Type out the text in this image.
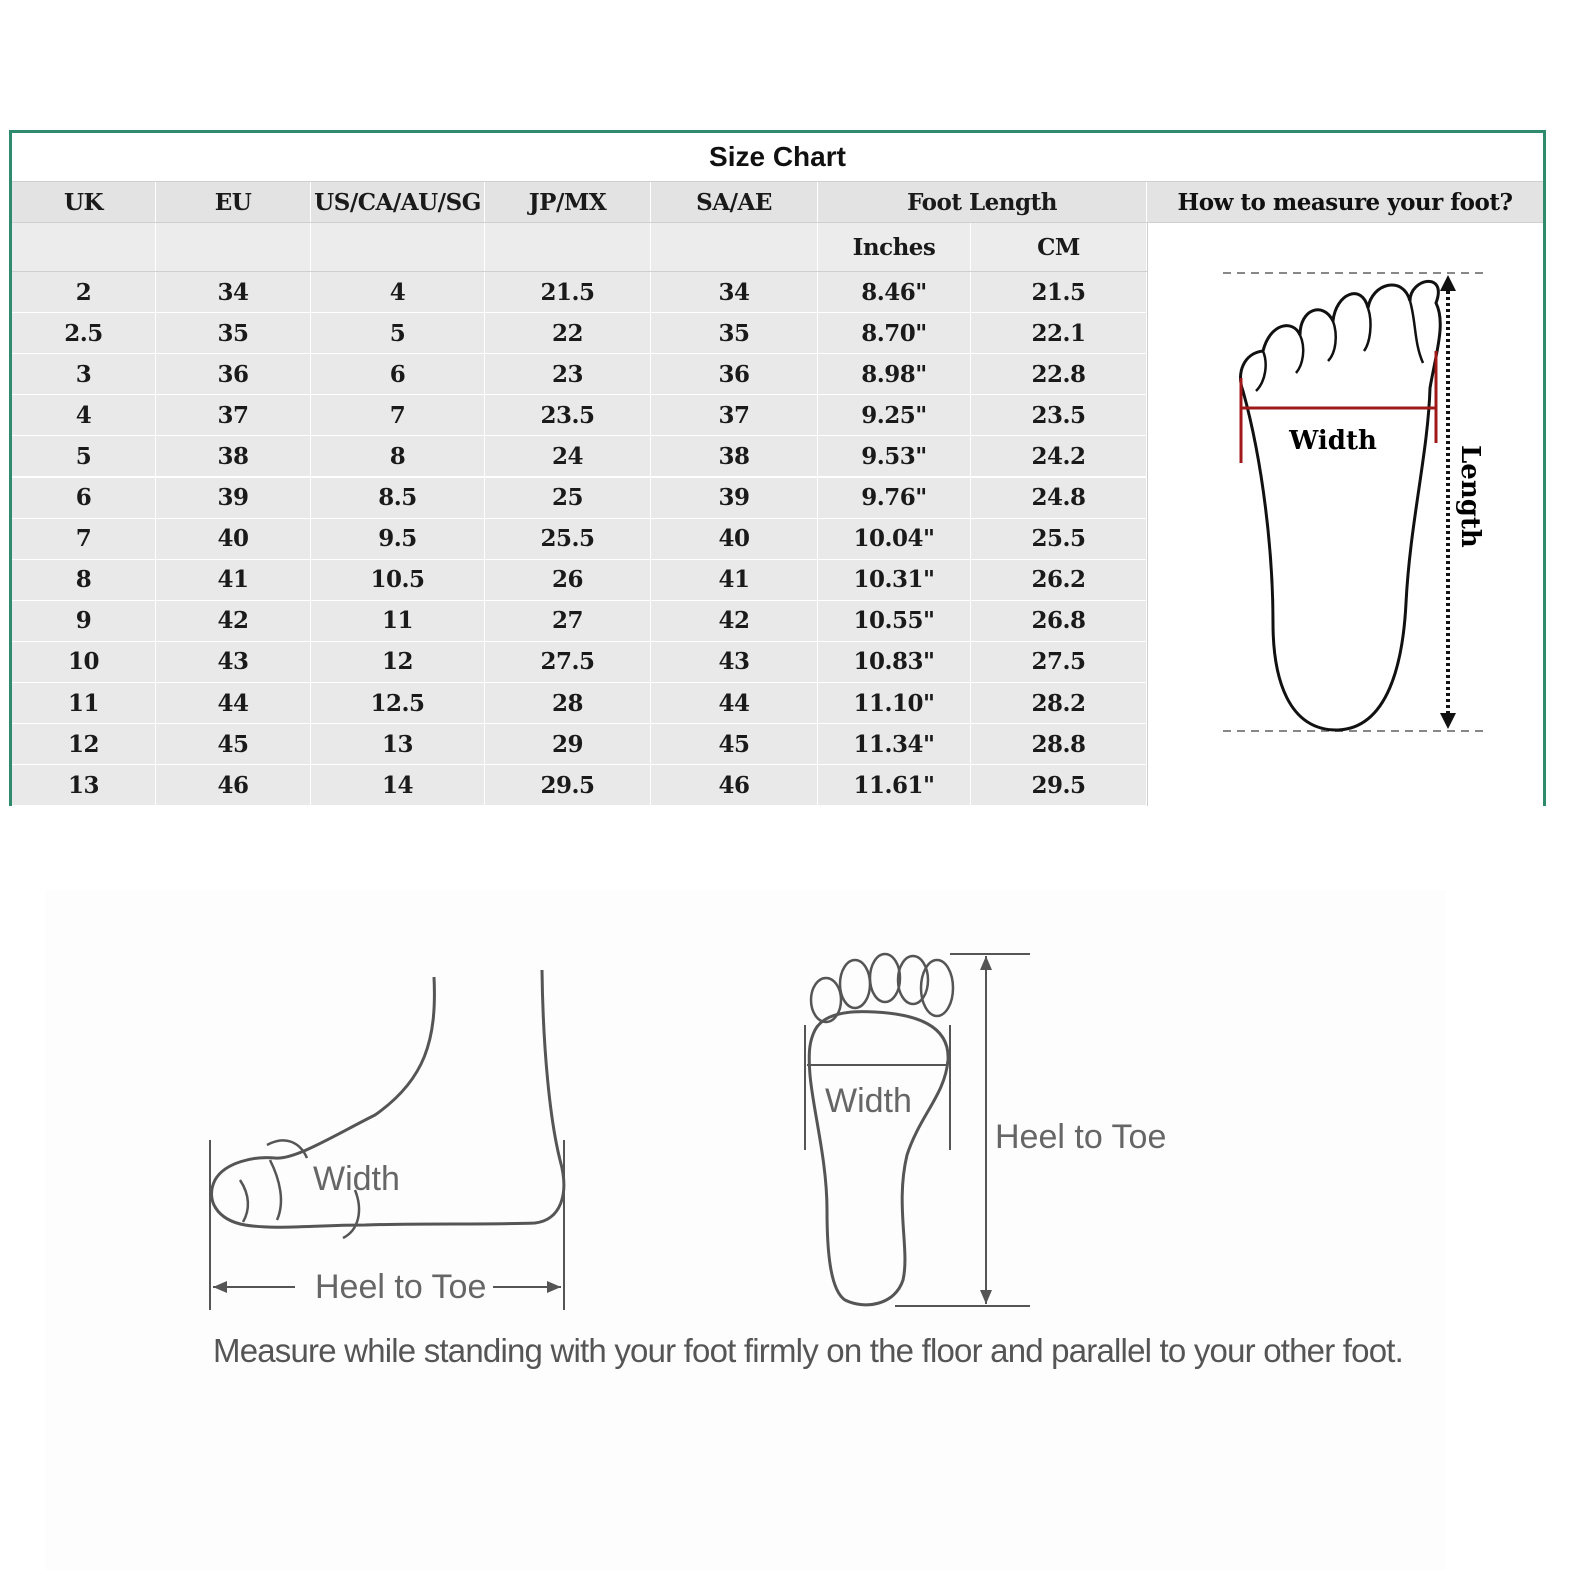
Size Chart
UK	EU	US/CA/AU/SG	JP/MX	SA/AE	Foot Length
Inches	CM
2	34	4	21.5	34	8.46"	21.5
2.5	35	5	22	35	8.70"	22.1
3	36	6	23	36	8.98"	22.8
4	37	7	23.5	37	9.25"	23.5
5	38	8	24	38	9.53"	24.2
6	39	8.5	25	39	9.76"	24.8
7	40	9.5	25.5	40	10.04"	25.5
8	41	10.5	26	41	10.31"	26.2
9	42	11	27	42	10.55"	26.8
10	43	12	27.5	43	10.83"	27.5
11	44	12.5	28	44	11.10"	28.2
12	45	13	29	45	11.34"	28.8
13	46	14	29.5	46	11.61"	29.5
How to measure your foot?
Width
Length
Width
Heel to Toe
Width
Heel to Toe
Measure while standing with your foot firmly on the floor and parallel to your other foot.
